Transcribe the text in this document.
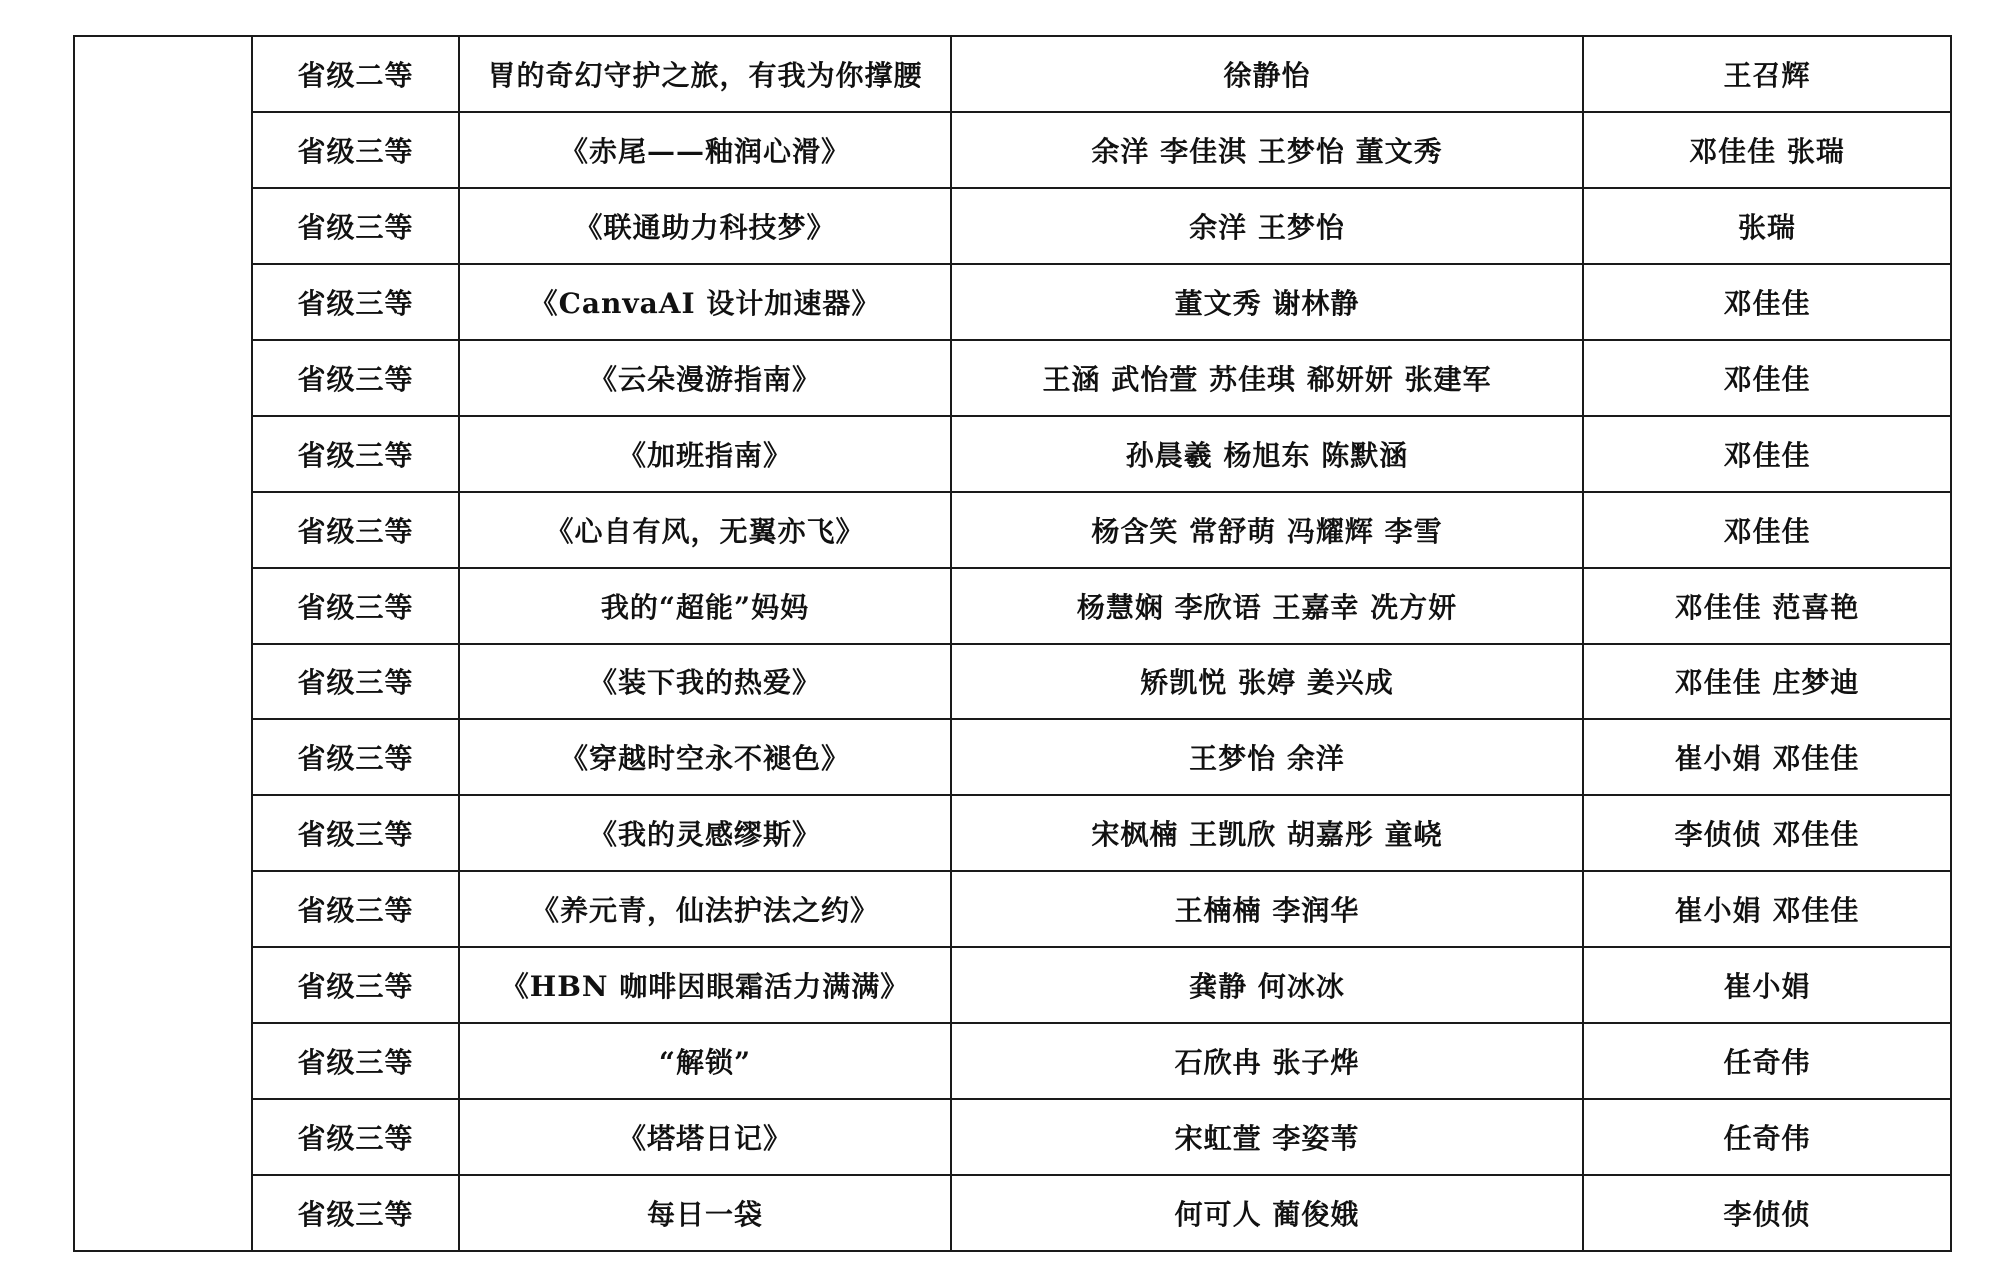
	省级二等	胃的奇幻守护之旅，有我为你撑腰	徐静怡	王召辉
	省级三等	《赤尾——釉润心滑》	余洋 李佳淇 王梦怡 董文秀	邓佳佳 张瑞
	省级三等	《联通助力科技梦》	余洋 王梦怡	张瑞
	省级三等	《CanvaAI 设计加速器》	董文秀 谢林静	邓佳佳
	省级三等	《云朵漫游指南》	王涵 武怡萱 苏佳琪 郗妍妍 张建军	邓佳佳
	省级三等	《加班指南》	孙晨羲 杨旭东 陈默涵	邓佳佳
	省级三等	《心自有风，无翼亦飞》	杨含笑 常舒萌 冯耀辉 李雪	邓佳佳
	省级三等	我的“超能”妈妈	杨慧娴 李欣语 王嘉幸 冼方妍	邓佳佳 范喜艳
	省级三等	《装下我的热爱》	矫凯悦 张婷 姜兴成	邓佳佳 庄梦迪
	省级三等	《穿越时空永不褪色》	王梦怡 余洋	崔小娟 邓佳佳
	省级三等	《我的灵感缪斯》	宋枫楠 王凯欣 胡嘉彤 童峣	李侦侦 邓佳佳
	省级三等	《养元青，仙法护法之约》	王楠楠 李润华	崔小娟 邓佳佳
	省级三等	《HBN 咖啡因眼霜活力满满》	龚静 何冰冰	崔小娟
	省级三等	“解锁”	石欣冉 张子烨	任奇伟
	省级三等	《塔塔日记》	宋虹萱 李姿苇	任奇伟
	省级三等	每日一袋	何可人 蔺俊娥	李侦侦
